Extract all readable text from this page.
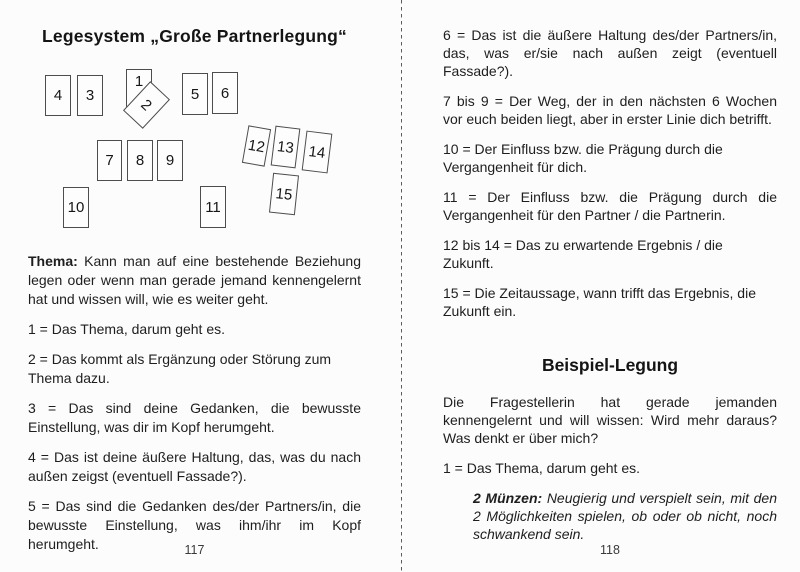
Legesystem „Große Partnerlegung“
4 3
1
2
5 6
7 8 9
10	11
12 13 14
15
Thema: Kann man auf eine bestehende Beziehung
legen oder wenn man gerade jemand kennengelernt
hat und wissen will, wie es weiter geht.
1 = Das Thema, darum geht es.
2 = Das kommt als Ergänzung oder Störung zum
Thema dazu.
3 = Das sind deine Gedanken, die bewusste
Einstellung, was dir im Kopf herumgeht.
4 = Das ist deine äußere Haltung, das, was du nach
außen zeigst (eventuell Fassade?).
5 = Das sind die Gedanken des/der Partners/in, die
bewusste Einstellung, was ihm/ihr im Kopf
herumgeht.	117
6 = Das ist die äußere Haltung des/der Partners/in,
das, was er/sie nach außen zeigt (eventuell
Fassade?).
7 bis 9 = Der Weg, der in den nächsten 6 Wochen
vor euch beiden liegt, aber in erster Linie dich betrifft.
10 = Der Einfluss bzw. die Prägung durch die
Vergangenheit für dich.
11 = Der Einfluss bzw. die Prägung durch die
Vergangenheit für den Partner / die Partnerin.
12 bis 14 = Das zu erwartende Ergebnis / die
Zukunft.
15 = Die Zeitaussage, wann trifft das Ergebnis, die
Zukunft ein.
Beispiel-Legung
Die Fragestellerin hat gerade jemanden
kennengelernt und will wissen: Wird mehr daraus?
Was denkt er über mich?
1 = Das Thema, darum geht es.
2 Münzen: Neugierig und verspielt sein, mit den
2 Möglichkeiten spielen, ob oder ob nicht, noch
schwankend sein.
118
